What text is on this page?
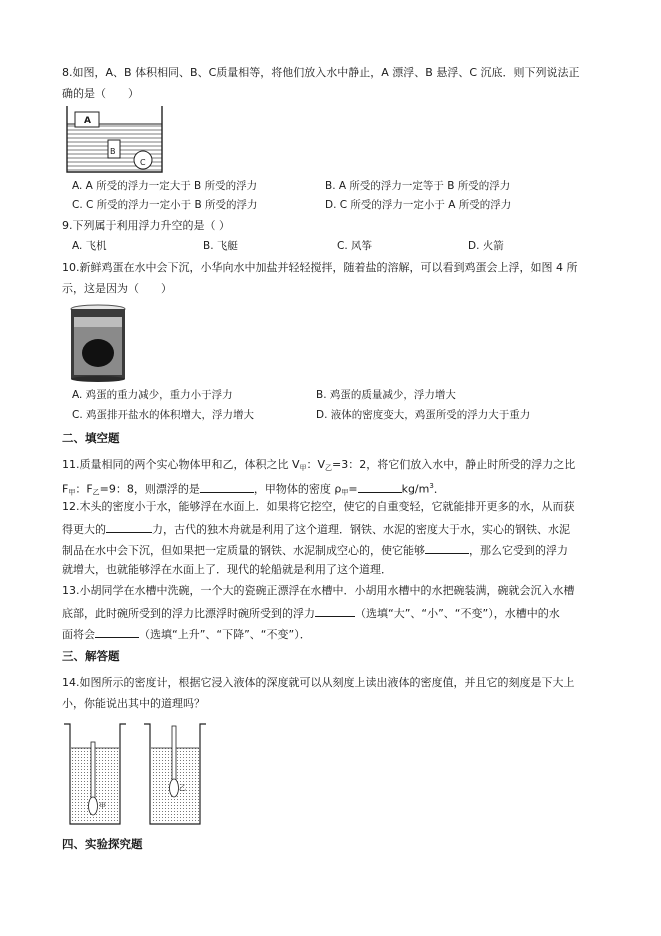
8.如图，A、B 体积相同、B、C质量相等，将他们放入水中静止，A 漂浮、B 悬浮、C 沉底．则下列说法正
确的是（　　）
A
B
C
A. A 所受的浮力一定大于 B 所受的浮力	B. A 所受的浮力一定等于 B 所受的浮力
C. C 所受的浮力一定小于 B 所受的浮力	D. C 所受的浮力一定小于 A 所受的浮力
9.下列属于利用浮力升空的是（ ）
A. 飞机	B. 飞艇	C. 风筝	D. 火箭
10.新鲜鸡蛋在水中会下沉，小华向水中加盐并轻轻搅拌，随着盐的溶解，可以看到鸡蛋会上浮，如图 4 所
示，这是因为（　　）
A. 鸡蛋的重力减少，重力小于浮力	B. 鸡蛋的质量减少，浮力增大
C. 鸡蛋排开盐水的体积增大，浮力增大	D. 液体的密度变大，鸡蛋所受的浮力大于重力
二、填空题
11.质量相同的两个实心物体甲和乙，体积之比 $V_甲$：$V_乙=3$：2，将它们放入水中，静止时所受的浮力之比
$F_甲$：$F_乙=9$：8，则漂浮的是	，甲物体的密度 $\rho_甲=$	$kg/m^3$．
12.木头的密度小于水，能够浮在水面上．如果将它挖空，使它的自重变轻，它就能排开更多的水，从而获
得更大的	力，古代的独木舟就是利用了这个道理．钢铁、水泥的密度大于水，实心的钢铁、水泥
制品在水中会下沉，但如果把一定质量的钢铁、水泥制成空心的，使它能够	，那么它受到的浮力
就增大，也就能够浮在水面上了．现代的轮船就是利用了这个道理．
13.小胡同学在水槽中洗碗，一个大的瓷碗正漂浮在水槽中．小胡用水槽中的水把碗装满，碗就会沉入水槽
底部，此时碗所受到的浮力比漂浮时碗所受到的浮力	（选填“大”、“小”、“不变”），水槽中的水
面将会	（选填“上升”、“下降”、“不变”）．
三、解答题
14.如图所示的密度计，根据它浸入液体的深度就可以从刻度上读出液体的密度值，并且它的刻度是下大上
小，你能说出其中的道理吗？
甲
乙
四、实验探究题
